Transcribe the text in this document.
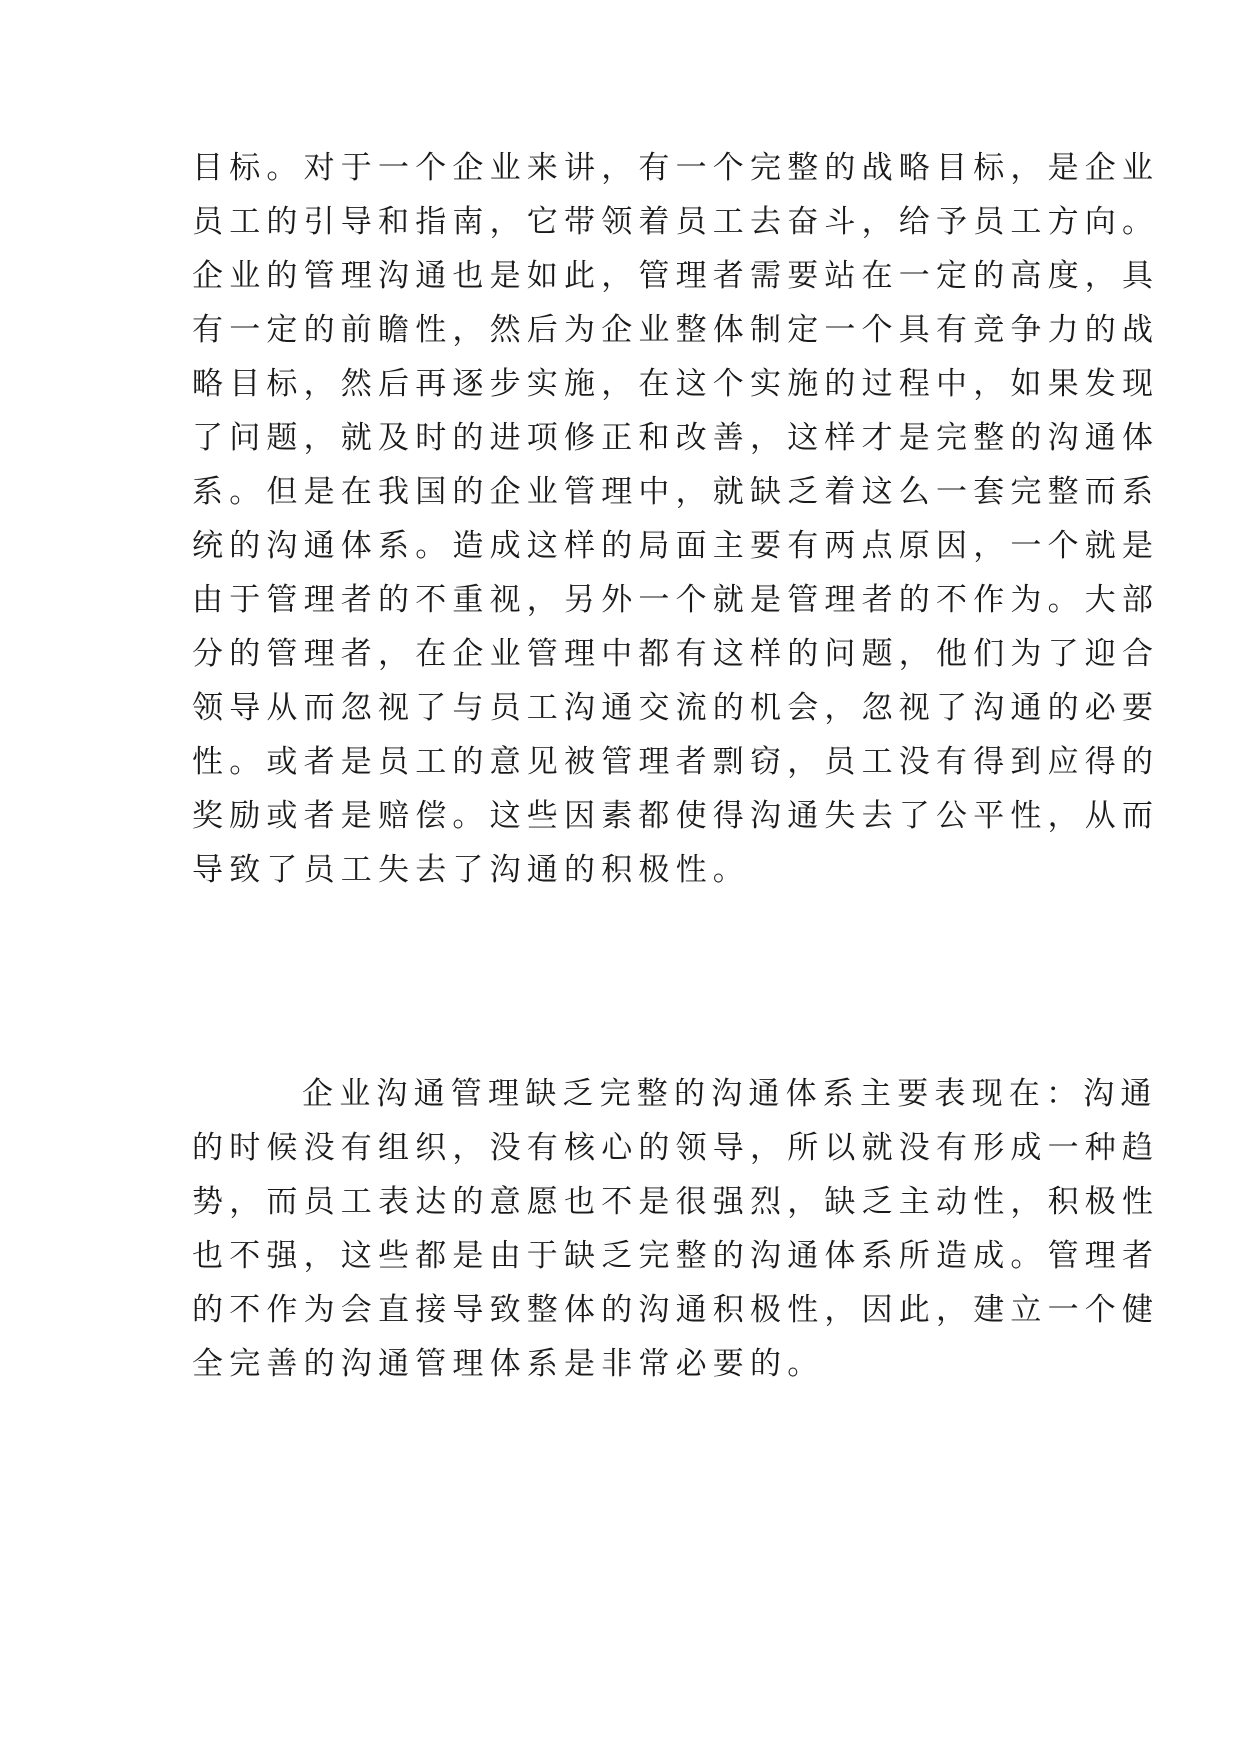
目标。对于一个企业来讲，有一个完整的战略目标，是企业

员工的引导和指南，它带领着员工去奋斗，给予员工方向。

企业的管理沟通也是如此，管理者需要站在一定的高度，具

有一定的前瞻性，然后为企业整体制定一个具有竞争力的战

略目标，然后再逐步实施，在这个实施的过程中，如果发现

了问题，就及时的进项修正和改善，这样才是完整的沟通体

系。但是在我国的企业管理中，就缺乏着这么一套完整而系

统的沟通体系。造成这样的局面主要有两点原因，一个就是

由于管理者的不重视，另外一个就是管理者的不作为。大部

分的管理者，在企业管理中都有这样的问题，他们为了迎合

领导从而忽视了与员工沟通交流的机会，忽视了沟通的必要

性。或者是员工的意见被管理者剽窃，员工没有得到应得的

奖励或者是赔偿。这些因素都使得沟通失去了公平性，从而

导致了员工失去了沟通的积极性。

企业沟通管理缺乏完整的沟通体系主要表现在：沟通

的时候没有组织，没有核心的领导，所以就没有形成一种趋

势，而员工表达的意愿也不是很强烈，缺乏主动性，积极性

也不强，这些都是由于缺乏完整的沟通体系所造成。管理者

的不作为会直接导致整体的沟通积极性，因此，建立一个健

全完善的沟通管理体系是非常必要的。
